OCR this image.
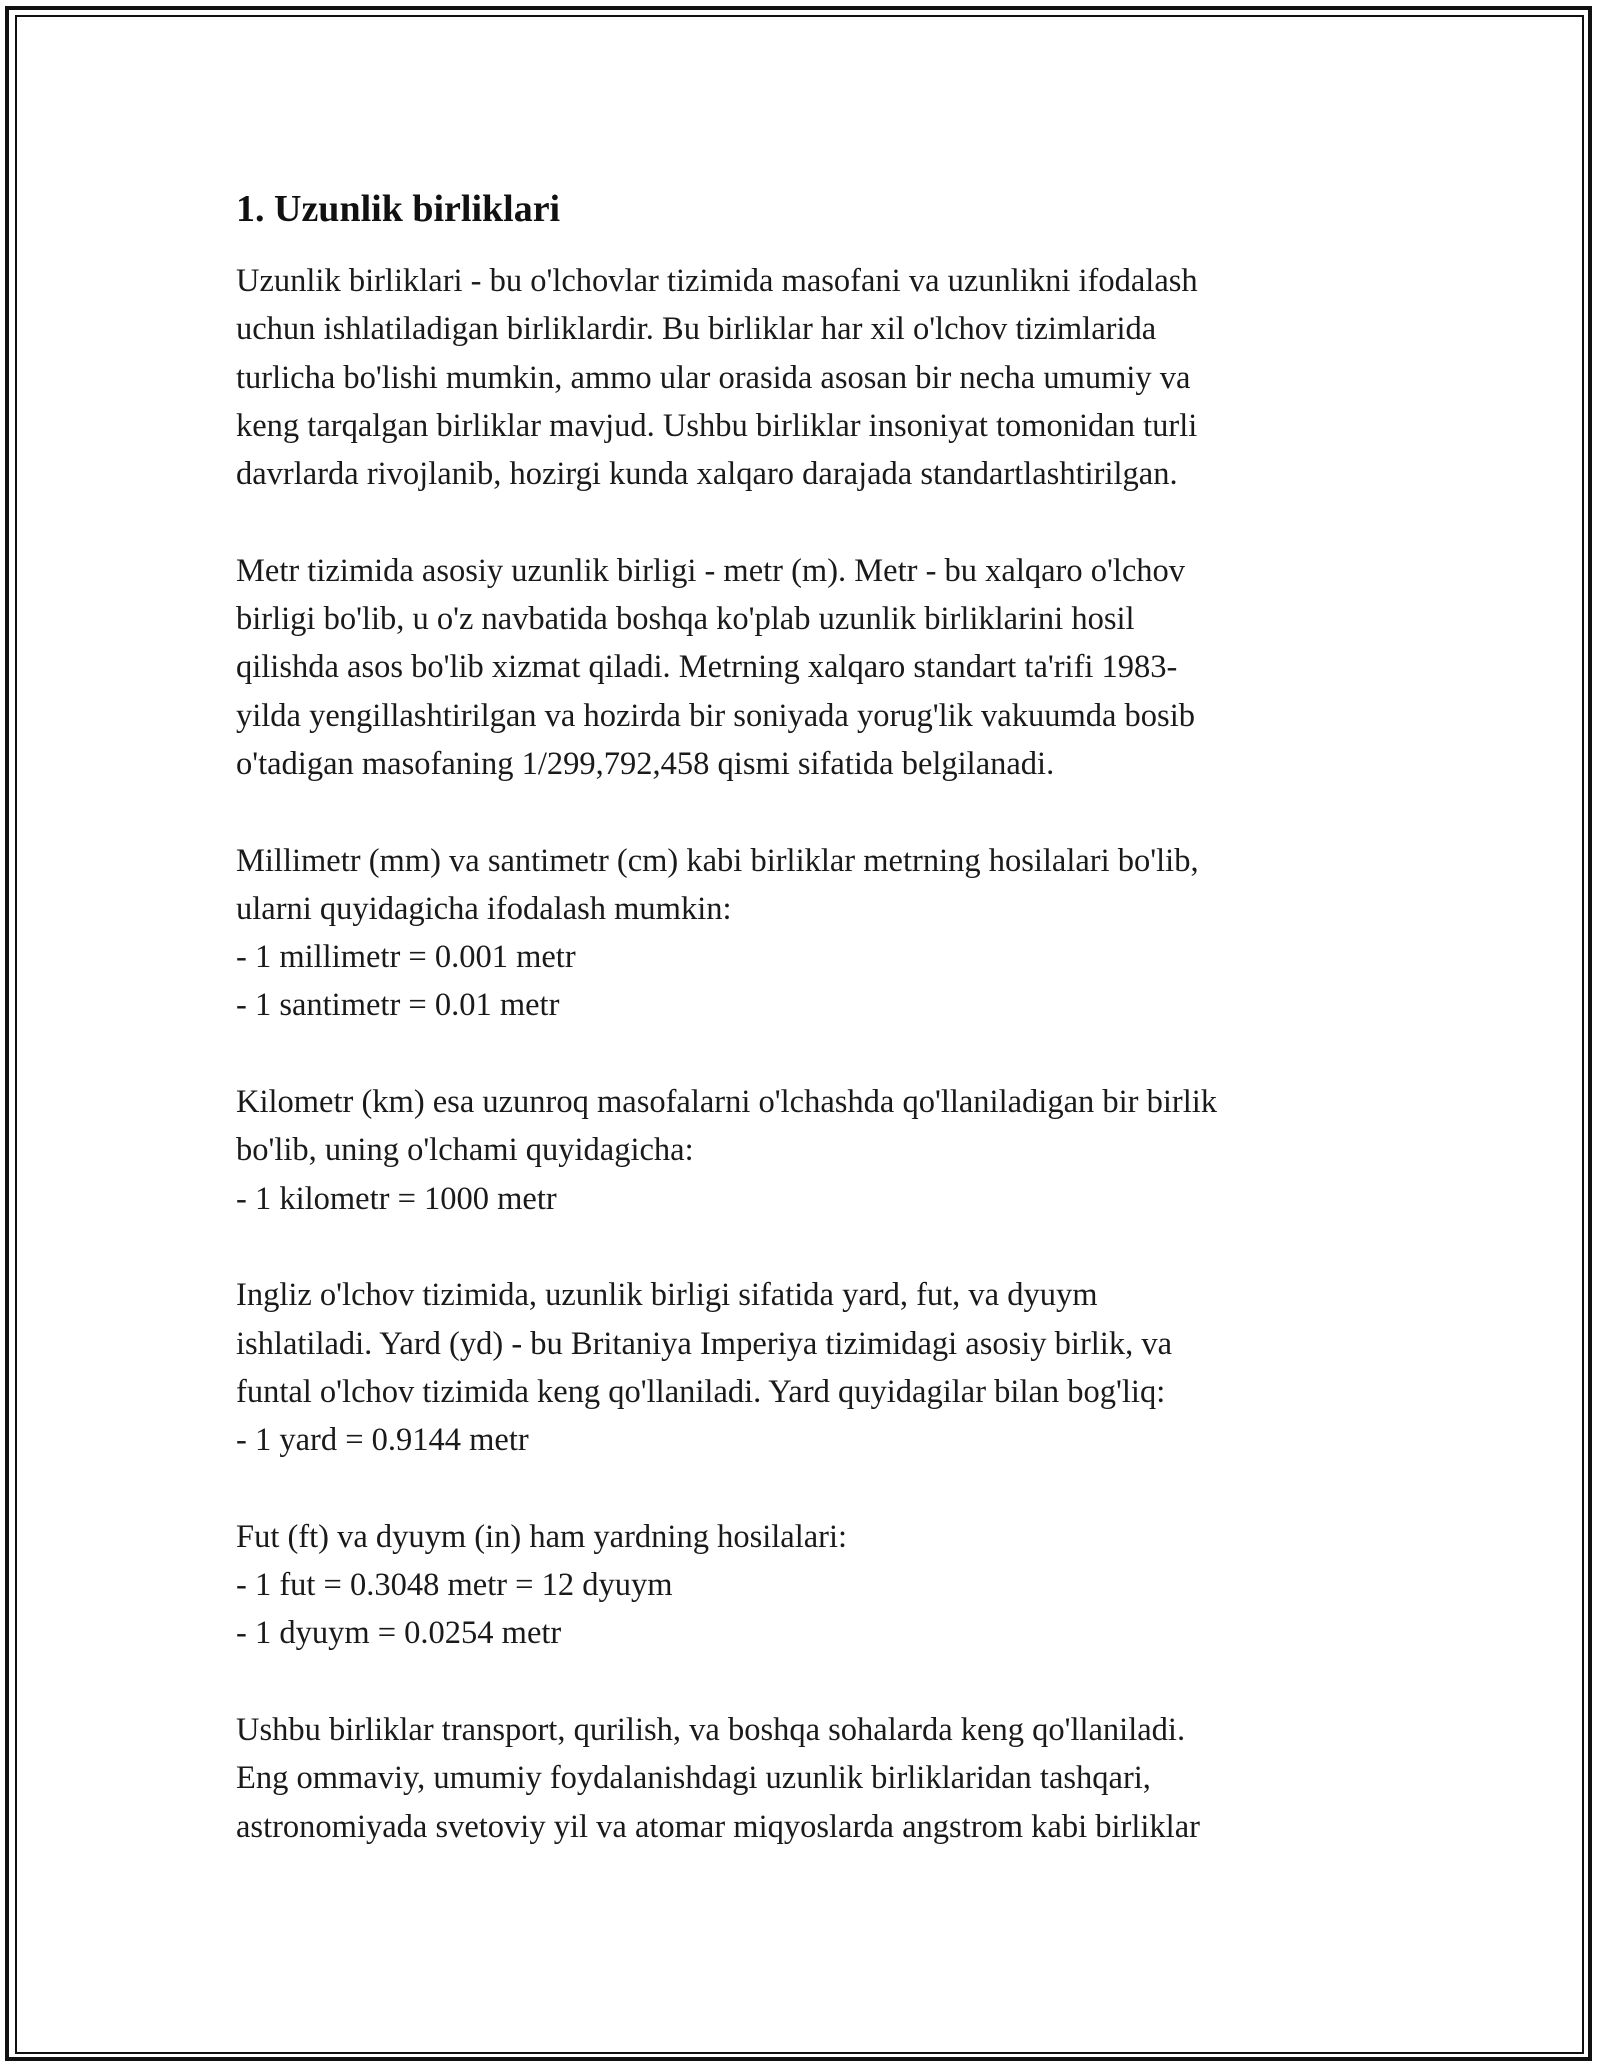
1. Uzunlik birliklari
Uzunlik birliklari - bu o'lchovlar tizimida masofani va uzunlikni ifodalash
uchun ishlatiladigan birliklardir. Bu birliklar har xil o'lchov tizimlarida
turlicha bo'lishi mumkin, ammo ular orasida asosan bir necha umumiy va
keng tarqalgan birliklar mavjud. Ushbu birliklar insoniyat tomonidan turli
davrlarda rivojlanib, hozirgi kunda xalqaro darajada standartlashtirilgan.
Metr tizimida asosiy uzunlik birligi - metr (m). Metr - bu xalqaro o'lchov
birligi bo'lib, u o'z navbatida boshqa ko'plab uzunlik birliklarini hosil
qilishda asos bo'lib xizmat qiladi. Metrning xalqaro standart ta'rifi 1983-
yilda yengillashtirilgan va hozirda bir soniyada yorug'lik vakuumda bosib
o'tadigan masofaning 1/299,792,458 qismi sifatida belgilanadi.
Millimetr (mm) va santimetr (cm) kabi birliklar metrning hosilalari bo'lib,
ularni quyidagicha ifodalash mumkin:
- 1 millimetr = 0.001 metr
- 1 santimetr = 0.01 metr
Kilometr (km) esa uzunroq masofalarni o'lchashda qo'llaniladigan bir birlik
bo'lib, uning o'lchami quyidagicha:
- 1 kilometr = 1000 metr
Ingliz o'lchov tizimida, uzunlik birligi sifatida yard, fut, va dyuym
ishlatiladi. Yard (yd) - bu Britaniya Imperiya tizimidagi asosiy birlik, va
funtal o'lchov tizimida keng qo'llaniladi. Yard quyidagilar bilan bog'liq:
- 1 yard = 0.9144 metr
Fut (ft) va dyuym (in) ham yardning hosilalari:
- 1 fut = 0.3048 metr = 12 dyuym
- 1 dyuym = 0.0254 metr
Ushbu birliklar transport, qurilish, va boshqa sohalarda keng qo'llaniladi.
Eng ommaviy, umumiy foydalanishdagi uzunlik birliklaridan tashqari,
astronomiyada svetoviy yil va atomar miqyoslarda angstrom kabi birliklar
